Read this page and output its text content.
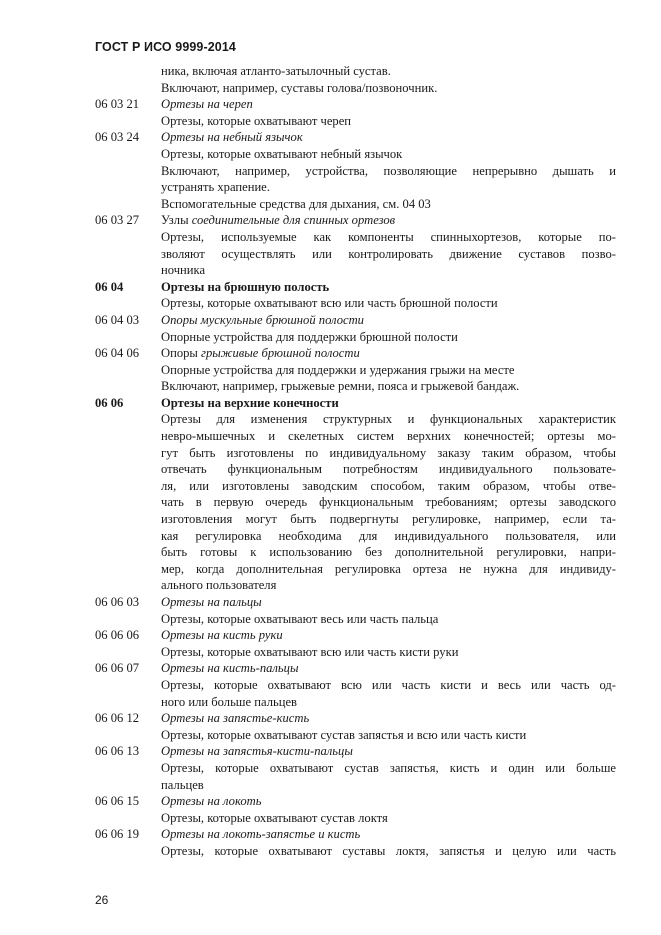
ГОСТ Р ИСО 9999-2014
ника, включая атланто-затылочный сустав.
Включают, например, суставы голова/позвоночник.
06 03 21	Ортезы на череп
Ортезы, которые охватывают череп
06 03 24	Ортезы на небный язычок
Ортезы, которые охватывают небный язычок
Включают, например, устройства, позволяющие непрерывно дышать и
устранять храпение.
Вспомогательные средства для дыхания, см. 04 03
06 03 27	Узлы соединительные для спинных ортезов
Ортезы, используемые как компоненты спинныхортезов, которые по-
зволяют осуществлять или контролировать движение суставов позво-
ночника
06 04	Ортезы на брюшную полость
Ортезы, которые охватывают всю или часть брюшной полости
06 04 03	Опоры мускульные брюшной полости
Опорные устройства для поддержки брюшной полости
06 04 06	Опоры грыживые брюшной полости
Опорные устройства для поддержки и удержания грыжи на месте
Включают, например, грыжевые ремни, пояса и грыжевой бандаж.
06 06	Ортезы на верхние конечности
Ортезы для изменения структурных и функциональных характеристик
невро-мышечных и скелетных систем верхних конечностей; ортезы мо-
гут быть изготовлены по индивидуальному заказу таким образом, чтобы
отвечать функциональным потребностям индивидуального пользовате-
ля, или изготовлены заводским способом, таким образом, чтобы отве-
чать в первую очередь функциональным требованиям; ортезы заводского
изготовления могут быть подвергнуты регулировке, например, если та-
кая регулировка необходима для индивидуального пользователя, или
быть готовы к использованию без дополнительной регулировки, напри-
мер, когда дополнительная регулировка ортеза не нужна для индивиду-
ального пользователя
06 06 03	Ортезы на пальцы
Ортезы, которые охватывают весь или часть пальца
06 06 06	Ортезы на кисть руки
Ортезы, которые охватывают всю или часть кисти руки
06 06 07	Ортезы на кисть-пальцы
Ортезы, которые охватывают всю или часть кисти и весь или часть од-
ного или больше пальцев
06 06 12	Ортезы на запястье-кисть
Ортезы, которые охватывают сустав запястья и всю или часть кисти
06 06 13	Ортезы на запястья-кисти-пальцы
Ортезы, которые охватывают сустав запястья, кисть и один или больше
пальцев
06 06 15	Ортезы на локоть
Ортезы, которые охватывают сустав локтя
06 06 19	Ортезы на локоть-запястье и кисть
Ортезы, которые охватывают суставы локтя, запястья и целую или часть
26
